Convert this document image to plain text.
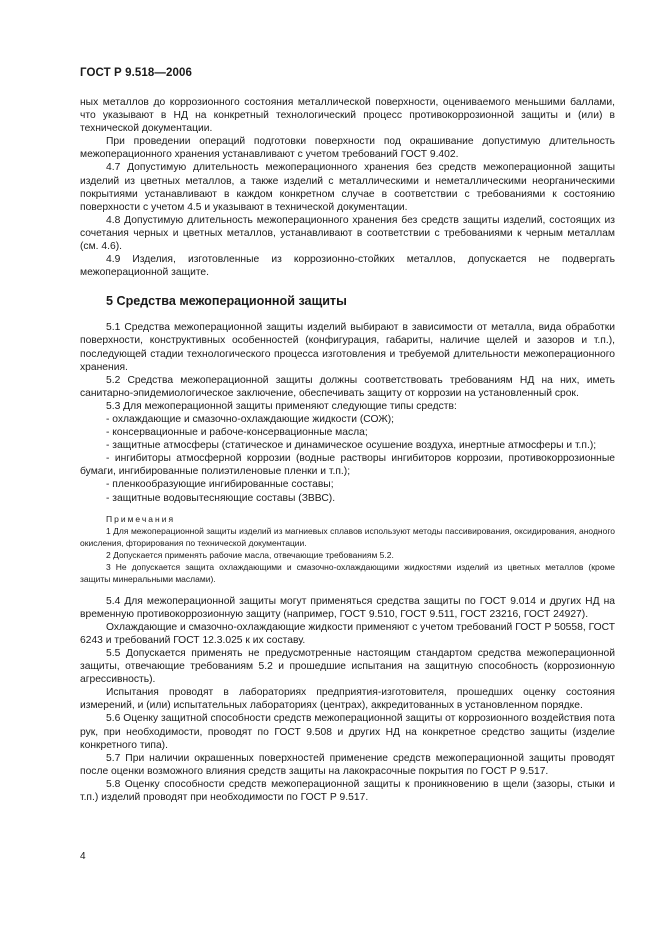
ГОСТ Р 9.518—2006

ных металлов до коррозионного состояния металлической поверхности, оцениваемого меньшими баллами, что указывают в НД на конкретный технологический процесс противокоррозионной защиты и (или) в технической документации.

При проведении операций подготовки поверхности под окрашивание допустимую длительность межоперационного хранения устанавливают с учетом требований ГОСТ 9.402.

4.7 Допустимую длительность межоперационного хранения без средств межоперационной защиты изделий из цветных металлов, а также изделий с металлическими и неметаллическими неорганическими покрытиями устанавливают в каждом конкретном случае в соответствии с требованиями к состоянию поверхности с учетом 4.5 и указывают в технической документации.

4.8 Допустимую длительность межоперационного хранения без средств защиты изделий, состоящих из сочетания черных и цветных металлов, устанавливают в соответствии с требованиями к черным металлам (см. 4.6).

4.9 Изделия, изготовленные из коррозионно-стойких металлов, допускается не подвергать межоперационной защите.

5 Средства межоперационной защиты

5.1 Средства межоперационной защиты изделий выбирают в зависимости от металла, вида обработки поверхности, конструктивных особенностей (конфигурация, габариты, наличие щелей и зазоров и т.п.), последующей стадии технологического процесса изготовления и требуемой длительности межоперационного хранения.

5.2 Средства межоперационной защиты должны соответствовать требованиям НД на них, иметь санитарно-эпидемиологическое заключение, обеспечивать защиту от коррозии на установленный срок.

5.3 Для межоперационной защиты применяют следующие типы средств:

- охлаждающие и смазочно-охлаждающие жидкости (СОЖ);

- консервационные и рабоче-консервационные масла;

- защитные атмосферы (статическое и динамическое осушение воздуха, инертные атмосферы и т.п.);

- ингибиторы атмосферной коррозии (водные растворы ингибиторов коррозии, противокоррозионные бумаги, ингибированные полиэтиленовые пленки и т.п.);

- пленкообразующие ингибированные составы;

- защитные водовытесняющие составы (ЗВВС).

Примечания

1 Для межоперационной защиты изделий из магниевых сплавов используют методы пассивирования, оксидирования, анодного окисления, фторирования по технической документации.

2 Допускается применять рабочие масла, отвечающие требованиям 5.2.

3 Не допускается защита охлаждающими и смазочно-охлаждающими жидкостями изделий из цветных металлов (кроме защиты минеральными маслами).

5.4 Для межоперационной защиты могут применяться средства защиты по ГОСТ 9.014 и других НД на временную противокоррозионную защиту (например, ГОСТ 9.510, ГОСТ 9.511, ГОСТ 23216, ГОСТ 24927).

Охлаждающие и смазочно-охлаждающие жидкости применяют с учетом требований ГОСТ Р 50558, ГОСТ 6243 и требований ГОСТ 12.3.025 к их составу.

5.5 Допускается применять не предусмотренные настоящим стандартом средства межоперационной защиты, отвечающие требованиям 5.2 и прошедшие испытания на защитную способность (коррозионную агрессивность).

Испытания проводят в лабораториях предприятия-изготовителя, прошедших оценку состояния измерений, и (или) испытательных лабораториях (центрах), аккредитованных в установленном порядке.

5.6 Оценку защитной способности средств межоперационной защиты от коррозионного воздействия пота рук, при необходимости, проводят по ГОСТ 9.508 и других НД на конкретное средство защиты (изделие конкретного типа).

5.7 При наличии окрашенных поверхностей применение средств межоперационной защиты проводят после оценки возможного влияния средств защиты на лакокрасочные покрытия по ГОСТ Р 9.517.

5.8 Оценку способности средств межоперационной защиты к проникновению в щели (зазоры, стыки и т.п.) изделий проводят при необходимости по ГОСТ Р 9.517.

4
